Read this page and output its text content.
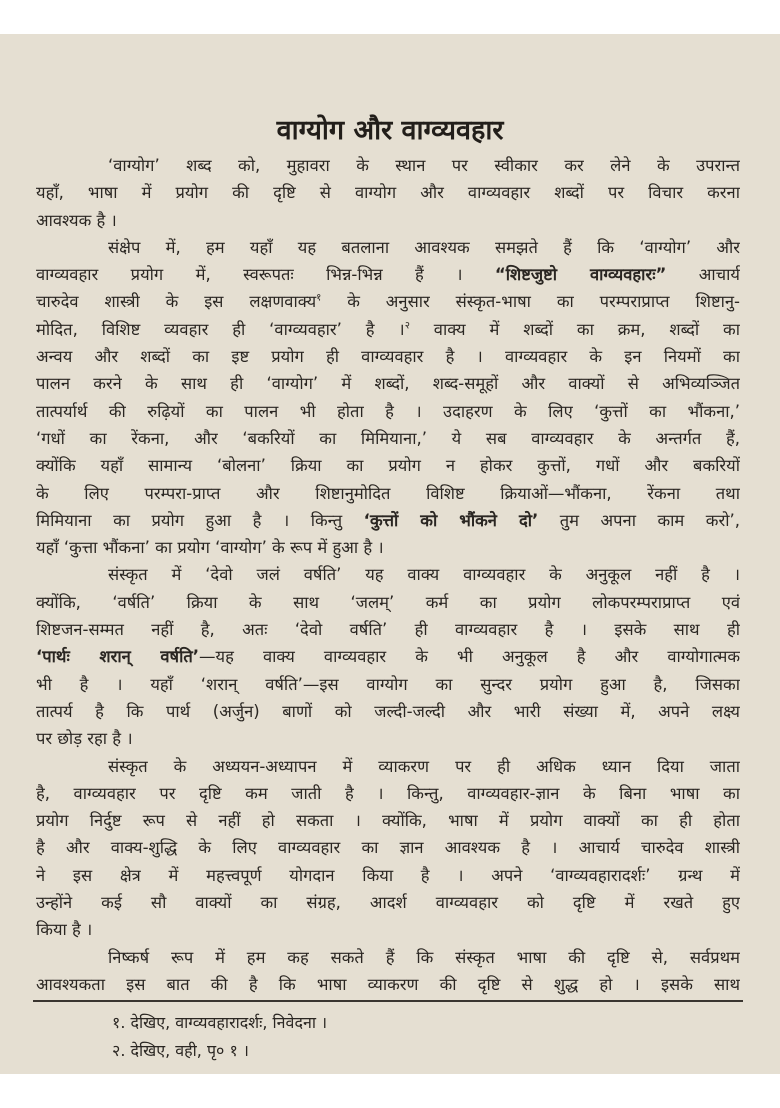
वाग्योग और वाग्व्यवहार
‘वाग्योग’ शब्द को, मुहावरा के स्थान पर स्वीकार कर लेने के उपरान्त
यहाँ, भाषा में प्रयोग की दृष्टि से वाग्योग और वाग्व्यवहार शब्दों पर विचार करना
आवश्यक है ।
संक्षेप में, हम यहाँ यह बतलाना आवश्यक समझते हैं कि ‘वाग्योग’ और
वाग्व्यवहार प्रयोग में, स्वरूपतः भिन्न-भिन्न हैं । “शिष्टजुष्टो वाग्व्यवहारः” आचार्य
चारुदेव शास्त्री के इस लक्षणवाक्य$^१$ के अनुसार संस्कृत-भाषा का परम्पराप्राप्त शिष्टानु-
मोदित, विशिष्ट व्यवहार ही ‘वाग्व्यवहार’ है ।$^२$ वाक्य में शब्दों का क्रम, शब्दों का
अन्वय और शब्दों का इष्ट प्रयोग ही वाग्व्यवहार है । वाग्व्यवहार के इन नियमों का
पालन करने के साथ ही ‘वाग्योग’ में शब्दों, शब्द-समूहों और वाक्यों से अभिव्यञ्जित
तात्पर्यार्थ की रुढ़ियों का पालन भी होता है । उदाहरण के लिए ‘कुत्तों का भौंकना,’
‘गधों का रेंकना, और ‘बकरियों का मिमियाना,’ ये सब वाग्व्यवहार के अन्तर्गत हैं,
क्योंकि यहाँ सामान्य ‘बोलना’ क्रिया का प्रयोग न होकर कुत्तों, गधों और बकरियों
के लिए परम्परा-प्राप्त और शिष्टानुमोदित विशिष्ट क्रियाओं—भौंकना, रेंकना तथा
मिमियाना का प्रयोग हुआ है । किन्तु ‘कुत्तों को भौंकने दो’ तुम अपना काम करो’,
यहाँ ‘कुत्ता भौंकना’ का प्रयोग ‘वाग्योग’ के रूप में हुआ है ।
संस्कृत में ‘देवो जलं वर्षति’ यह वाक्य वाग्व्यवहार के अनुकूल नहीं है ।
क्योंकि, ‘वर्षति’ क्रिया के साथ ‘जलम्’ कर्म का प्रयोग लोकपरम्पराप्राप्त एवं
शिष्टजन-सम्मत नहीं है, अतः ‘देवो वर्षति’ ही वाग्व्यवहार है । इसके साथ ही
‘पार्थः शरान् वर्षति’—यह वाक्य वाग्व्यवहार के भी अनुकूल है और वाग्योगात्मक
भी है । यहाँ ‘शरान् वर्षति’—इस वाग्योग का सुन्दर प्रयोग हुआ है, जिसका
तात्पर्य है कि पार्थ (अर्जुन) बाणों को जल्दी-जल्दी और भारी संख्या में, अपने लक्ष्य
पर छोड़ रहा है ।
संस्कृत के अध्ययन-अध्यापन में व्याकरण पर ही अधिक ध्यान दिया जाता
है, वाग्व्यवहार पर दृष्टि कम जाती है । किन्तु, वाग्व्यवहार-ज्ञान के बिना भाषा का
प्रयोग निर्दुष्ट रूप से नहीं हो सकता । क्योंकि, भाषा में प्रयोग वाक्यों का ही होता
है और वाक्य-शुद्धि के लिए वाग्व्यवहार का ज्ञान आवश्यक है । आचार्य चारुदेव शास्त्री
ने इस क्षेत्र में महत्त्वपूर्ण योगदान किया है । अपने ‘वाग्व्यवहारादर्शः’ ग्रन्थ में
उन्होंने कई सौ वाक्यों का संग्रह, आदर्श वाग्व्यवहार को दृष्टि में रखते हुए
किया है ।
निष्कर्ष रूप में हम कह सकते हैं कि संस्कृत भाषा की दृष्टि से, सर्वप्रथम
आवश्यकता इस बात की है कि भाषा व्याकरण की दृष्टि से शुद्ध हो । इसके साथ
१. देखिए, वाग्व्यवहारादर्शः, निवेदना ।
२. देखिए, वही, पृ० १ ।
